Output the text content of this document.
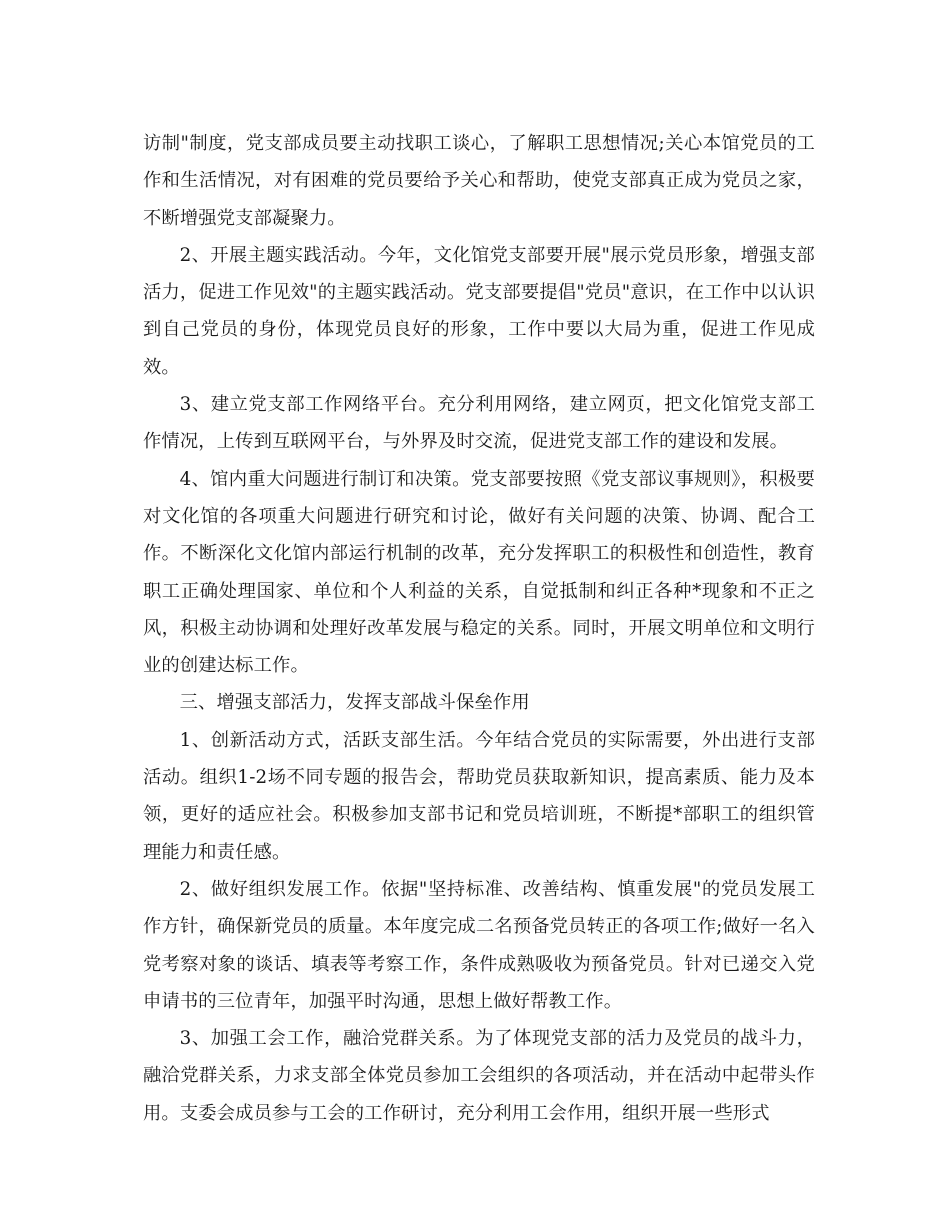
访制"制度，党支部成员要主动找职工谈心，了解职工思想情况;关心本馆党员的工作和生活情况，对有困难的党员要给予关心和帮助，使党支部真正成为党员之家，不断增强党支部凝聚力。

2、开展主题实践活动。今年，文化馆党支部要开展"展示党员形象，增强支部活力，促进工作见效"的主题实践活动。党支部要提倡"党员"意识，在工作中以认识到自己党员的身份，体现党员良好的形象，工作中要以大局为重，促进工作见成效。

3、建立党支部工作网络平台。充分利用网络，建立网页，把文化馆党支部工作情况，上传到互联网平台，与外界及时交流，促进党支部工作的建设和发展。

4、馆内重大问题进行制订和决策。党支部要按照《党支部议事规则》，积极要对文化馆的各项重大问题进行研究和讨论，做好有关问题的决策、协调、配合工作。不断深化文化馆内部运行机制的改革，充分发挥职工的积极性和创造性，教育职工正确处理国家、单位和个人利益的关系，自觉抵制和纠正各种*现象和不正之风，积极主动协调和处理好改革发展与稳定的关系。同时，开展文明单位和文明行业的创建达标工作。

三、增强支部活力，发挥支部战斗保垒作用

1、创新活动方式，活跃支部生活。今年结合党员的实际需要，外出进行支部活动。组织1-2场不同专题的报告会，帮助党员获取新知识，提高素质、能力及本领，更好的适应社会。积极参加支部书记和党员培训班，不断提*部职工的组织管理能力和责任感。

2、做好组织发展工作。依据"坚持标准、改善结构、慎重发展"的党员发展工作方针，确保新党员的质量。本年度完成二名预备党员转正的各项工作;做好一名入党考察对象的谈话、填表等考察工作，条件成熟吸收为预备党员。针对已递交入党申请书的三位青年，加强平时沟通，思想上做好帮教工作。

3、加强工会工作，融洽党群关系。为了体现党支部的活力及党员的战斗力，融洽党群关系，力求支部全体党员参加工会组织的各项活动，并在活动中起带头作用。支委会成员参与工会的工作研讨，充分利用工会作用，组织开展一些形式
